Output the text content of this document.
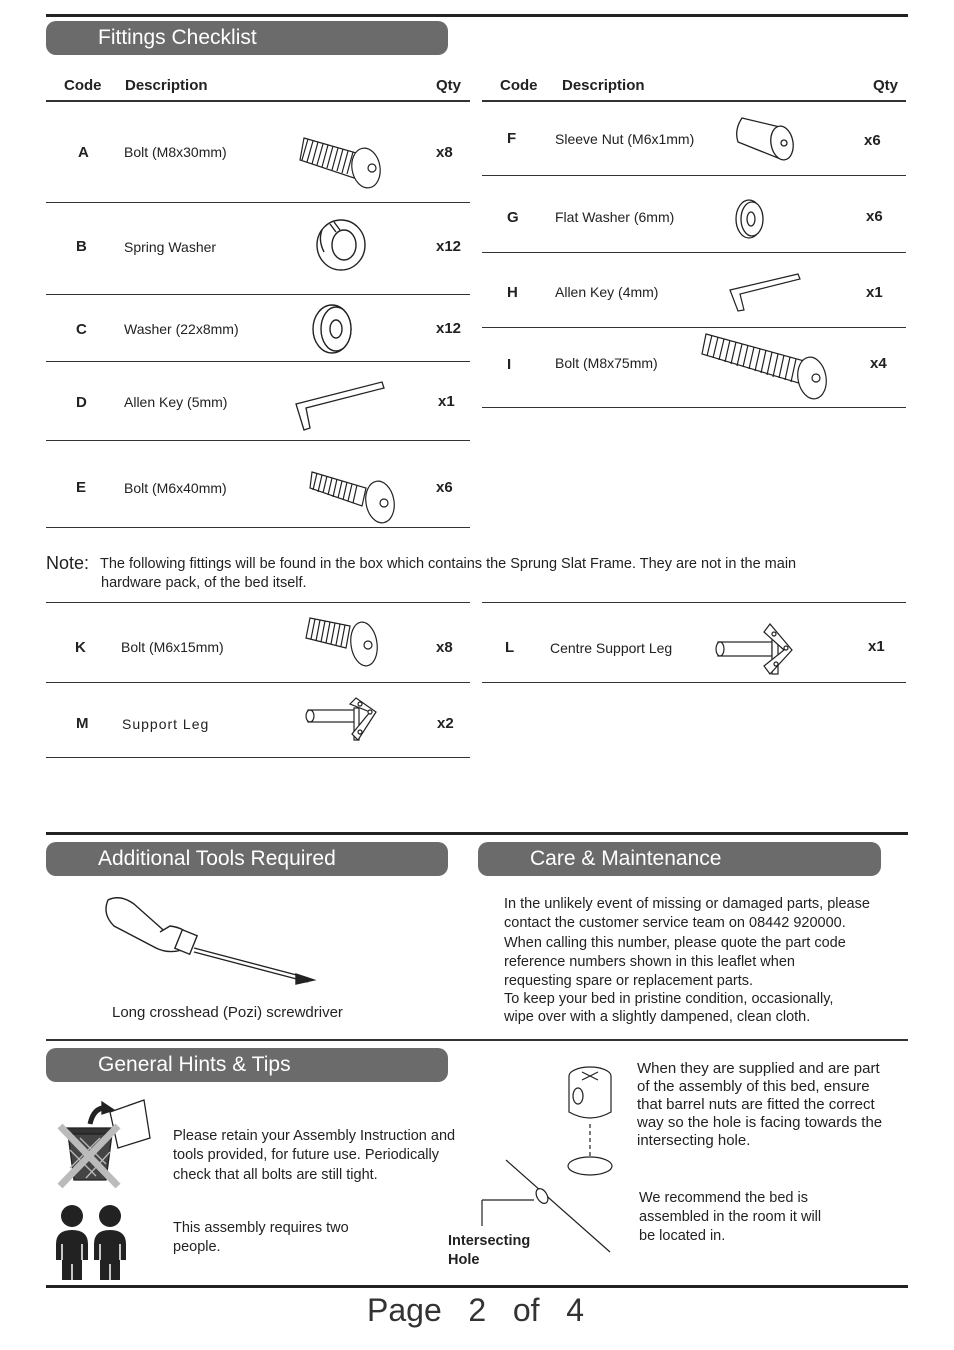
Fittings Checklist
Code Description	Qty	Code Description	Qty
A	Bolt (M8x30mm)	x8
B	Spring Washer	x12
C	Washer (22x8mm)	x12
D	Allen Key (5mm)	x1
E	Bolt (M6x40mm)	x6
F	Sleeve Nut (M6x1mm)	x6
G	Flat Washer (6mm)	x6
H	Allen Key (4mm)	x1
I	Bolt (M8x75mm)	x4
Note: The following fittings will be found in the box which contains the Sprung Slat Frame. They are not in the main
hardware pack, of the bed itself.
K	Bolt (M6x15mm)	x8	L	Centre Support Leg	x1
M Support Leg	x2
Additional Tools Required	Care & Maintenance
Long crosshead (Pozi) screwdriver
In the unlikely event of missing or damaged parts, please
contact the customer service team on 08442 920000.
When calling this number, please quote the part code
reference numbers shown in this leaflet when
requesting spare or replacement parts.
To keep your bed in pristine condition, occasionally,
wipe over with a slightly dampened, clean cloth.
General Hints & Tips
Please retain your Assembly Instruction and
tools provided, for future use. Periodically
check that all bolts are still tight.
This assembly requires two
people.	Intersecting
Hole
When they are supplied and are part
of the assembly of this bed, ensure
that barrel nuts are fitted the correct
way so the hole is facing towards the
intersecting hole.
We recommend the bed is
assembled in the room it will
be located in.
Page 2 of 4
